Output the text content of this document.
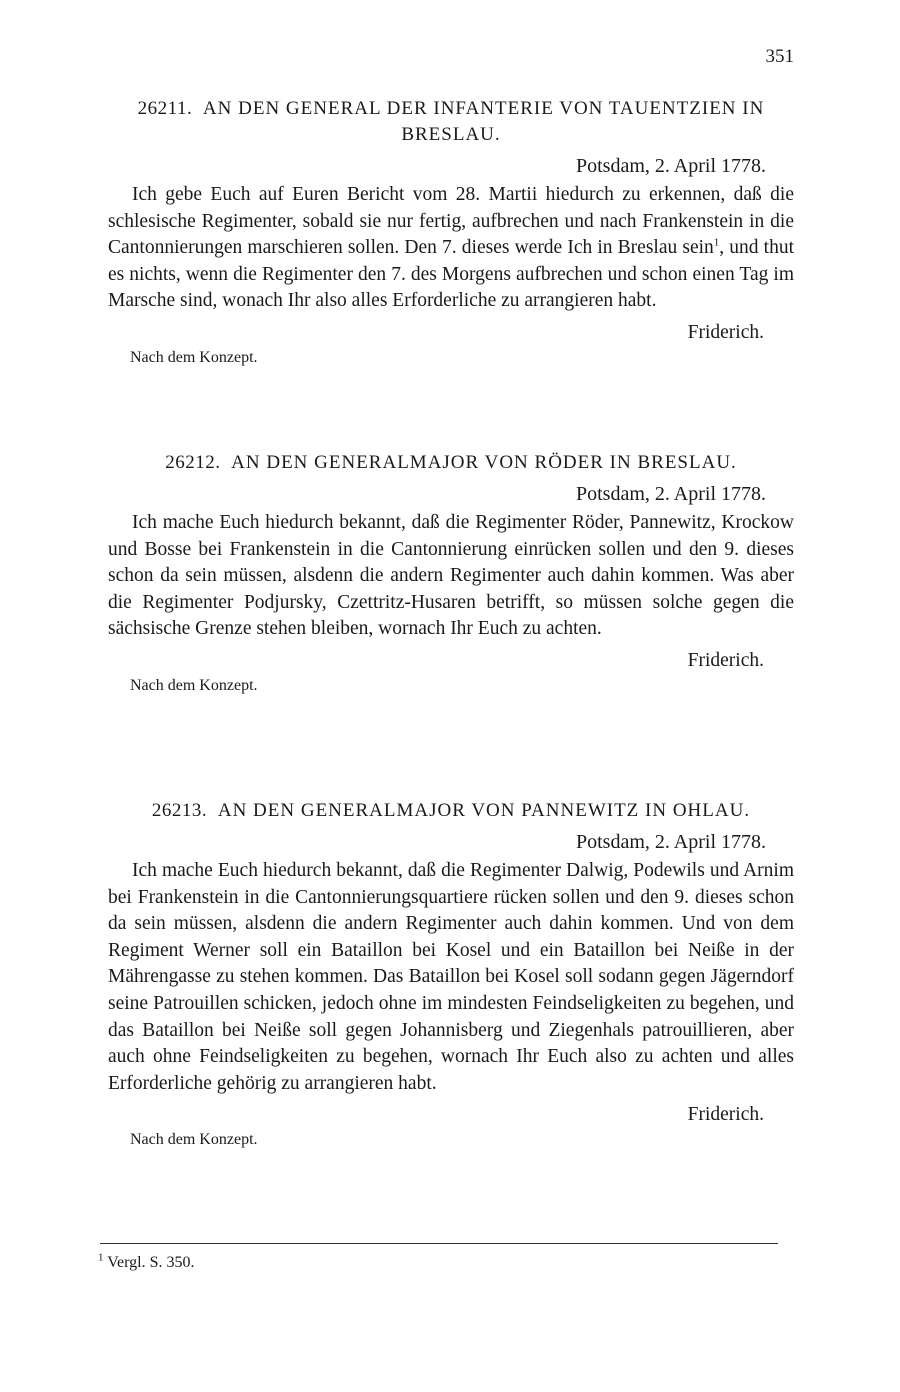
351
26211. AN DEN GENERAL DER INFANTERIE VON TAUENTZIEN IN BRESLAU.
Potsdam, 2. April 1778.

Ich gebe Euch auf Euren Bericht vom 28. Martii hiedurch zu erkennen, daß die schlesische Regimenter, sobald sie nur fertig, aufbrechen und nach Frankenstein in die Cantonnierungen marschieren sollen. Den 7. dieses werde Ich in Breslau sein$^1$, und thut es nichts, wenn die Regimenter den 7. des Morgens aufbrechen und schon einen Tag im Marsche sind, wonach Ihr also alles Erforderliche zu arrangieren habt.

Friderich.
Nach dem Konzept.
26212. AN DEN GENERALMAJOR VON RÖDER IN BRESLAU.
Potsdam, 2. April 1778.

Ich mache Euch hiedurch bekannt, daß die Regimenter Röder, Pannewitz, Krockow und Bosse bei Frankenstein in die Cantonnierung einrücken sollen und den 9. dieses schon da sein müssen, alsdenn die andern Regimenter auch dahin kommen. Was aber die Regimenter Podjursky, Czettritz-Husaren betrifft, so müssen solche gegen die sächsische Grenze stehen bleiben, wornach Ihr Euch zu achten.

Friderich.
Nach dem Konzept.
26213. AN DEN GENERALMAJOR VON PANNEWITZ IN OHLAU.
Potsdam, 2. April 1778.

Ich mache Euch hiedurch bekannt, daß die Regimenter Dalwig, Podewils und Arnim bei Frankenstein in die Cantonnierungsquartiere rücken sollen und den 9. dieses schon da sein müssen, alsdenn die andern Regimenter auch dahin kommen. Und von dem Regiment Werner soll ein Bataillon bei Kosel und ein Bataillon bei Neiße in der Mährengasse zu stehen kommen. Das Bataillon bei Kosel soll sodann gegen Jägerndorf seine Patrouillen schicken, jedoch ohne im mindesten Feindseligkeiten zu begehen, und das Bataillon bei Neiße soll gegen Johannisberg und Ziegenhals patrouillieren, aber auch ohne Feindseligkeiten zu begehen, wornach Ihr Euch also zu achten und alles Erforderliche gehörig zu arrangieren habt.

Friderich.
Nach dem Konzept.
$^1$ Vergl. S. 350.
